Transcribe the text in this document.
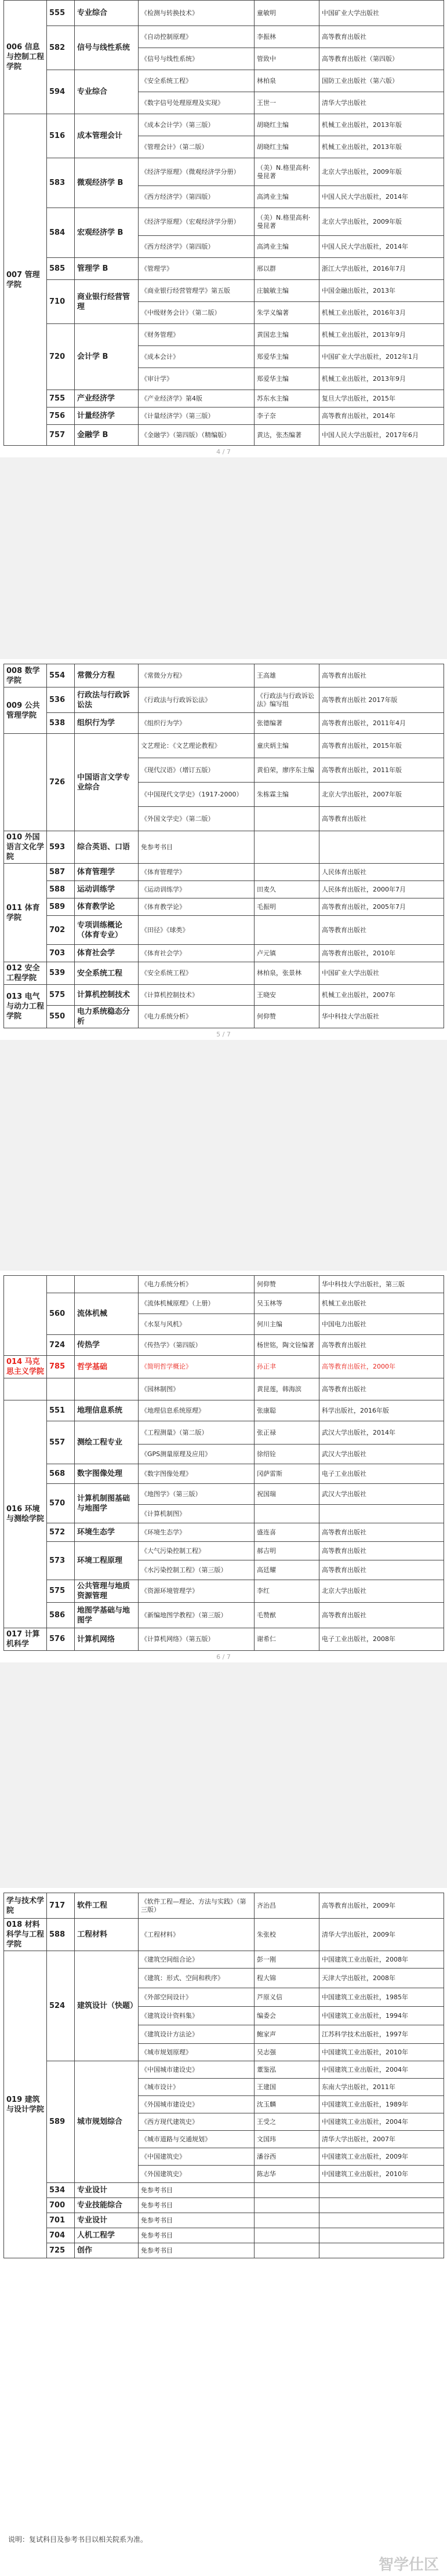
006 信息与控制工程学院	555	专业综合	《检测与转换技术》	童敏明	中国矿业大学出版社
	582	信号与线性系统	《自动控制原理》	李振林	高等教育出版社
			《信号与线性系统》	管致中	高等教育出版社（第四版）
	594	专业综合	《安全系统工程》	林柏泉	国防工业出版社（第六版）
			《数字信号处理原理及实现》	王世一	清华大学出版社
007 管理学院	516	成本管理会计	《成本会计学》（第三版）	胡晓红主编	机械工业出版社，2013年版
			《管理会计》（第二版）	胡晓红主编	机械工业出版社，2013年版
	583	微观经济学 B	《经济学原理》（微观经济学分册）	（美）N.格里高利·曼昆著	北京大学出版社，2009年版
			《西方经济学》（第四版）	高鸿业主编	中国人民大学出版社，2014年
	584	宏观经济学 B	《经济学原理》（宏观经济学分册）	（美）N.格里高利·曼昆著	北京大学出版社，2009年版
			《西方经济学》（第四版）	高鸿业主编	中国人民大学出版社，2014年
	585	管理学 B	《管理学》	邢以群	浙江大学出版社，2016年7月
	710	商业银行经营管理	《商业银行经营管理学》第五版	庄毓敏主编	中国金融出版社，2013年
			《中级财务会计》（第二版）	朱学义编著	机械工业出版社，2016年3月
	720	会计学 B	《财务管理》	黄国忠主编	机械工业出版社，2013年9月
			《成本会计》	郑爱华主编	中国矿业大学出版社，2012年1月
			《审计学》	郑爱华主编	机械工业出版社，2013年9月
	755	产业经济学	《产业经济学》第4版	苏东水主编	复旦大学出版社，2015年
	756	计量经济学	《计量经济学》（第三版）	李子奈	高等教育出版社，2014年
	757	金融学 B	《金融学》（第四版）（精编版）	黄达，张杰编著	中国人民大学出版社，2017年6月
4 / 7
008 数学学院	554	常微分方程	《常微分方程》	王高雄	高等教育出版社
009 公共管理学院	536	行政法与行政诉讼法	《行政法与行政诉讼法》	《行政法与行政诉讼法》编写组	高等教育出版社 2017年版
	538	组织行为学	《组织行为学》	张德编著	高等教育出版社，2011年4月
	726	中国语言文学专业综合	文艺理论：《文艺理论教程》	童庆炳主编	高等教育出版社，2015年版
			《现代汉语》（增订五版）	黄伯荣，廖序东主编	高等教育出版社，2011年版
			《中国现代文学史》（1917-2000）	朱栋霖主编	北京大学出版社，2007年版
			《外国文学史》（第二版）		高等教育出版社
010 外国语言文化学院	593	综合英语、口语	免参考书目		
011 体育学院	587	体育管理学	《体育管理学》		人民体育出版社
	588	运动训练学	《运动训练学》	田麦久	人民体育出版社，2000年7月
	589	体育教学论	《体育教学论》	毛振明	高等教育出版社，2005年7月
	702	专项训练概论（体育专业）	《田径》《球类》		高等教育出版社
	703	体育社会学	《体育社会学》	卢元镇	高等教育出版社，2010年
012 安全工程学院	539	安全系统工程	《安全系统工程》	林柏泉，张景林	中国矿业大学出版社
013 电气与动力工程学院	575	计算机控制技术	《计算机控制技术》	王晓安	机械工业出版社，2007年
	550	电力系统稳态分析	《电力系统分析》	何仰赞	华中科技大学出版社
5 / 7
			《电力系统分析》	何仰赞	华中科技大学出版社，第三版
	560	流体机械	《流体机械原理》（上册）	吴玉林等	机械工业出版社
			《水泵与风机》	何川主编	中国电力出版社
	724	传热学	《传热学》（第四版）	杨世铭，陶文铨编著	高等教育出版社
014 马克思主义学院	785	哲学基础	《简明哲学概论》	孙正聿	高等教育出版社，2000年
			《园林制图》	黄昆莲，韩海滨	高等教育出版社
016 环境与测绘学院	551	地理信息系统	《地理信息系统原理》	张康聪	科学出版社，2016年版
	557	测绘工程专业	《工程测量》（第二版）	张正禄	武汉大学出版社，2014年
			《GPS测量原理及应用》	徐绍铨	武汉大学出版社
	568	数字图像处理	《数字图像处理》	冈萨雷斯	电子工业出版社
	570	计算机制图基础与地图学	《地图学》（第三版）	祝国瑞	武汉大学出版社
			《计算机制图》		
	572	环境生态学	《环境生态学》	盛连喜	高等教育出版社
	573	环境工程原理	《大气污染控制工程》	郝吉明	高等教育出版社
			《水污染控制工程》（第三版）	高廷耀	高等教育出版社
	575	公共管理与地质资源管理	《资源环境管理学》	李红	北京大学出版社
	586	地图学基础与地图学	《新编地图学教程》（第三版）	毛赞猷	高等教育出版社
017 计算机科学	576	计算机网络	《计算机网络》（第五版）	谢希仁	电子工业出版社，2008年
6 / 7
学与技术学院	717	软件工程	《软件工程—理论、方法与实践》（第三版）	齐治昌	高等教育出版社，2009年
018 材料科学与工程学院	588	工程材料	《工程材料》	朱张校	清华大学出版社，2009年
019 建筑与设计学院	524	建筑设计（快题）	《建筑空间组合论》	彭一刚	中国建筑工业出版社，2008年
			《建筑：形式、空间和秩序》	程大锦	天津大学出版社，2008年
			《外部空间设计》	芦原义信	中国建筑工业出版社，1985年
			《建筑设计资料集》	编委会	中国建筑工业出版社，1994年
			《建筑设计方法论》	鲍家声	江苏科学技术出版社，1997年
			《城市规划原理》	吴志强	中国建筑工业出版社，2010年
	589	城市规划综合	《中国城市建设史》	董鉴泓	中国建筑工业出版社，2004年
			《城市设计》	王建国	东南大学出版社，2011年
			《外国城市建设史》	沈玉麟	中国建筑工业出版社，1989年
			《西方现代建筑史》	王受之	中国建筑工业出版社，2004年
			《城市道路与交通规划》	文国玮	清华大学出版社，2007年
			《中国建筑史》	潘谷西	中国建筑工业出版社，2009年
			《外国建筑史》	陈志华	中国建筑工业出版社，2010年
	534	专业设计	免参考书目		
	700	专业技能综合	免参考书目		
	701	专业设计	免参考书目		
	704	人机工程学	免参考书目		
	725	创作	免参考书目		
说明：复试科目及参考书目以相关院系为准。
智学仕区
